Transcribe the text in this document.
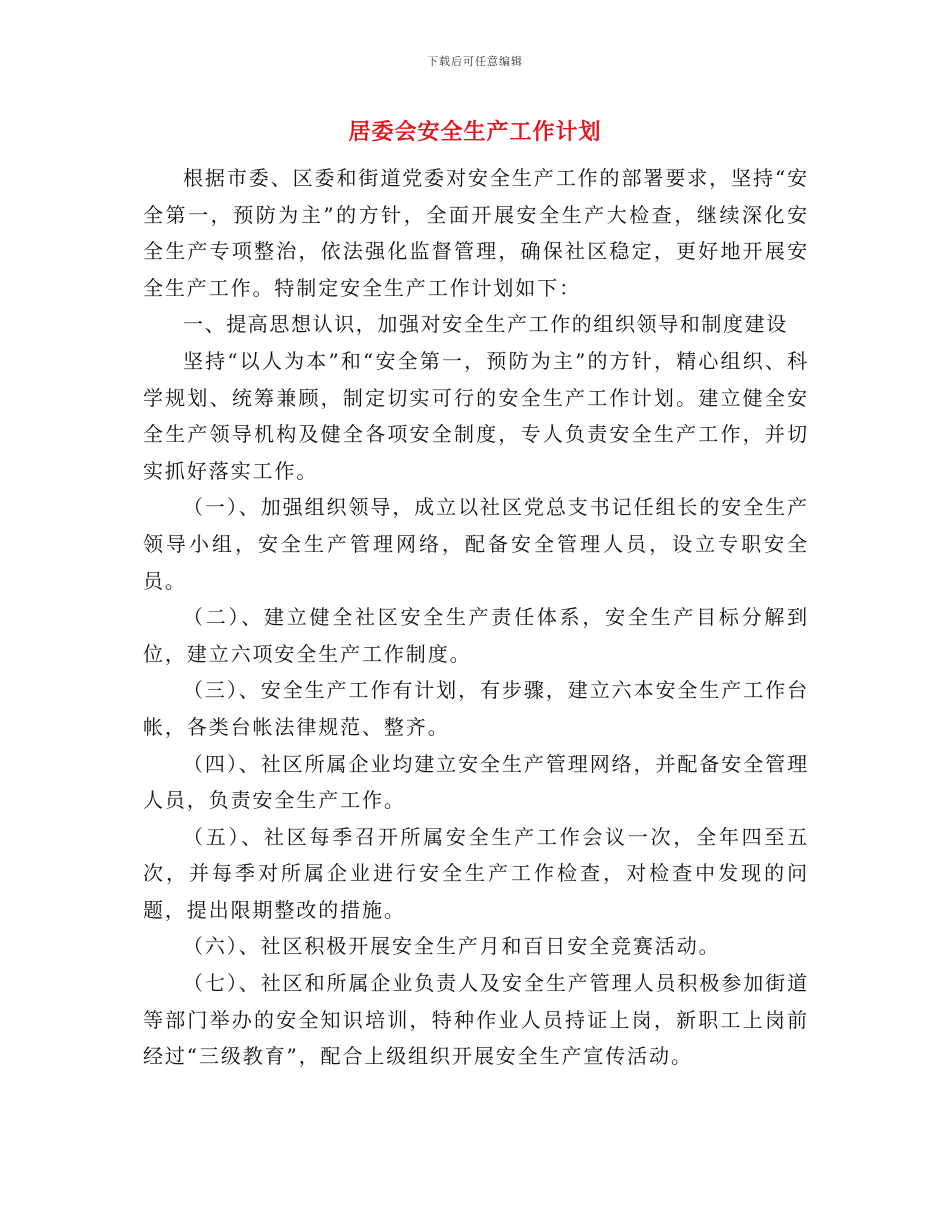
下载后可任意编辑
居委会安全生产工作计划

根据市委、区委和街道党委对安全生产工作的部署要求，坚持“安全第一，预防为主”的方针，全面开展安全生产大检查，继续深化安全生产专项整治，依法强化监督管理，确保社区稳定，更好地开展安全生产工作。特制定安全生产工作计划如下：

一、提高思想认识，加强对安全生产工作的组织领导和制度建设

坚持“以人为本”和“安全第一，预防为主”的方针，精心组织、科学规划、统筹兼顾，制定切实可行的安全生产工作计划。建立健全安全生产领导机构及健全各项安全制度，专人负责安全生产工作，并切实抓好落实工作。

（一）、加强组织领导，成立以社区党总支书记任组长的安全生产领导小组，安全生产管理网络，配备安全管理人员，设立专职安全员。

（二）、建立健全社区安全生产责任体系，安全生产目标分解到位，建立六项安全生产工作制度。

（三）、安全生产工作有计划，有步骤，建立六本安全生产工作台帐，各类台帐法律规范、整齐。

（四）、社区所属企业均建立安全生产管理网络，并配备安全管理人员，负责安全生产工作。

（五）、社区每季召开所属安全生产工作会议一次，全年四至五次，并每季对所属企业进行安全生产工作检查，对检查中发现的问题，提出限期整改的措施。

（六）、社区积极开展安全生产月和百日安全竞赛活动。

（七）、社区和所属企业负责人及安全生产管理人员积极参加街道等部门举办的安全知识培训，特种作业人员持证上岗，新职工上岗前经过“三级教育”，配合上级组织开展安全生产宣传活动。
